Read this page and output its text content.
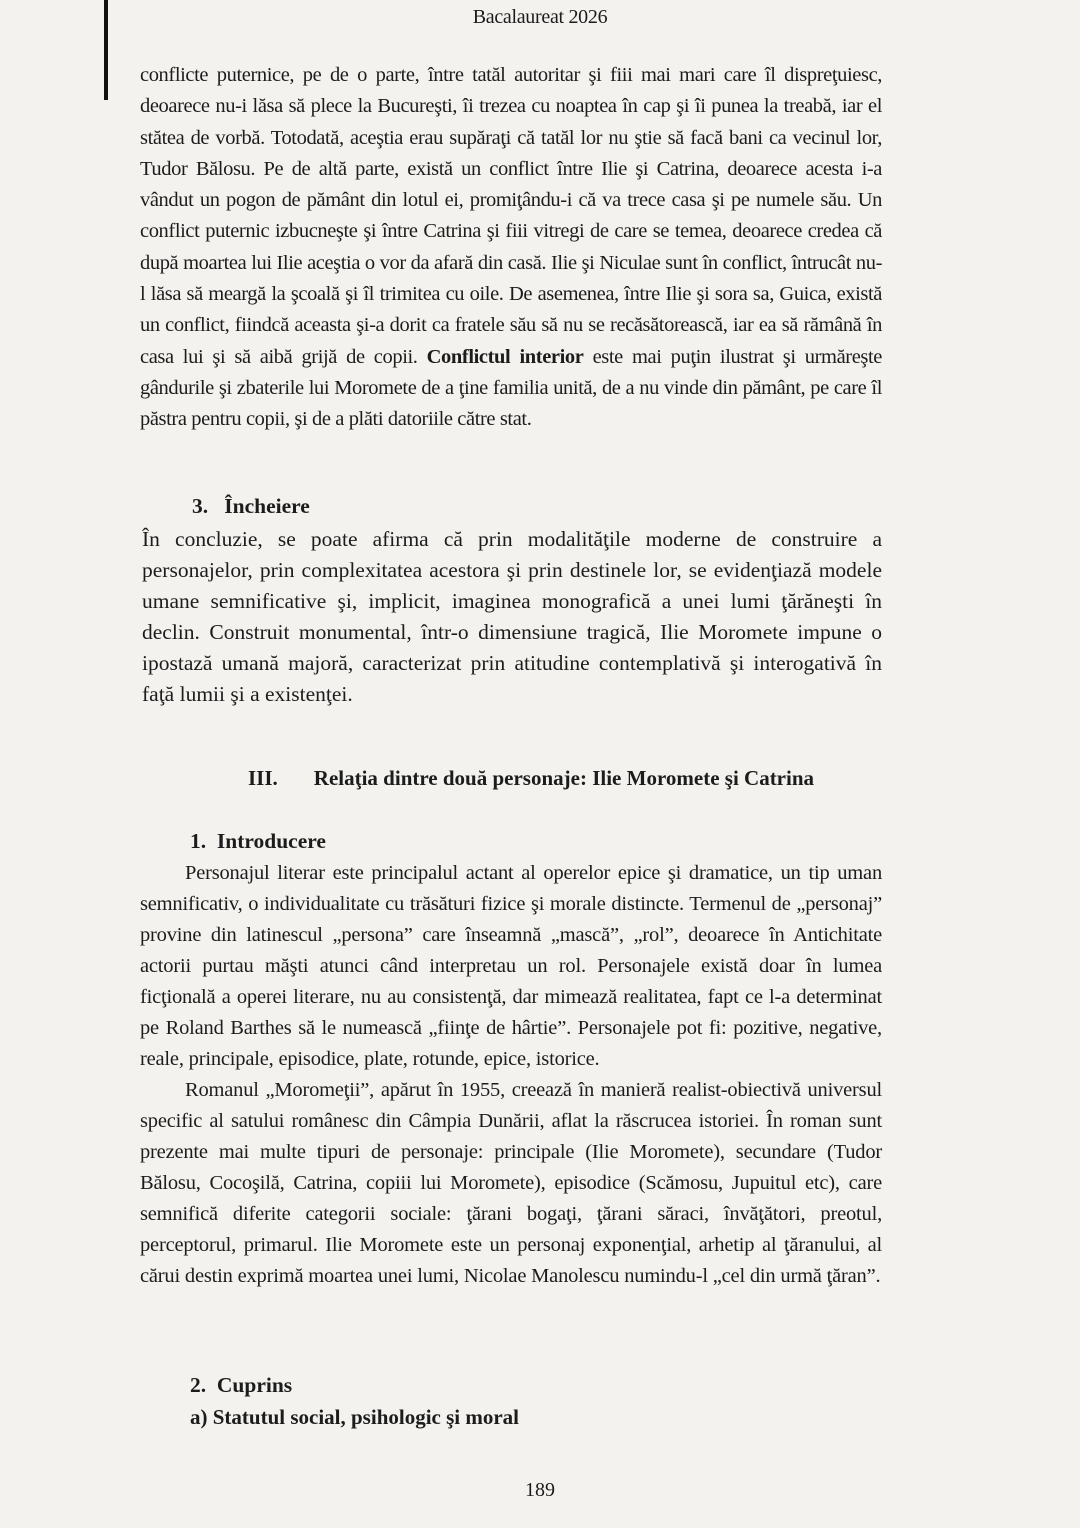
Bacalaureat 2026
conflicte puternice, pe de o parte, între tatăl autoritar şi fiii mai mari care îl dispreţuiesc, deoarece nu-i lăsa să plece la Bucureşti, îi trezea cu noaptea în cap şi îi punea la treabă, iar el stătea de vorbă. Totodată, aceştia erau supăraţi că tatăl lor nu ştie să facă bani ca vecinul lor, Tudor Bălosu. Pe de altă parte, există un conflict între Ilie şi Catrina, deoarece acesta i-a vândut un pogon de pământ din lotul ei, promiţându-i că va trece casa şi pe numele său. Un conflict puternic izbucneşte şi între Catrina şi fiii vitregi de care se temea, deoarece credea că după moartea lui Ilie aceştia o vor da afară din casă. Ilie şi Niculae sunt în conflict, întrucât nu-l lăsa să meargă la şcoală şi îl trimitea cu oile. De asemenea, între Ilie şi sora sa, Guica, există un conflict, fiindcă aceasta şi-a dorit ca fratele său să nu se recăsătorească, iar ea să rămână în casa lui şi să aibă grijă de copii. Conflictul interior este mai puţin ilustrat şi urmăreşte gândurile şi zbaterile lui Moromete de a ţine familia unită, de a nu vinde din pământ, pe care îl păstra pentru copii, şi de a plăti datoriile către stat.
3. Încheiere
În concluzie, se poate afirma că prin modalităţile moderne de construire a personajelor, prin complexitatea acestora şi prin destinele lor, se evidenţiază modele umane semnificative şi, implicit, imaginea monografică a unei lumi ţărăneşti în declin. Construit monumental, într-o dimensiune tragică, Ilie Moromete impune o ipostază umană majoră, caracterizat prin atitudine contemplativă şi interogativă în faţă lumii şi a existenţei.
III. Relaţia dintre două personaje: Ilie Moromete şi Catrina
1. Introducere

Personajul literar este principalul actant al operelor epice şi dramatice, un tip uman semnificativ, o individualitate cu trăsături fizice şi morale distincte. Termenul de „personaj” provine din latinescul „persona” care înseamnă „mască”, „rol”, deoarece în Antichitate actorii purtau măşti atunci când interpretau un rol. Personajele există doar în lumea ficţională a operei literare, nu au consistenţă, dar mimează realitatea, fapt ce l-a determinat pe Roland Barthes să le numească „fiinţe de hârtie”. Personajele pot fi: pozitive, negative, reale, principale, episodice, plate, rotunde, epice, istorice.

Romanul „Moromeţii”, apărut în 1955, creează în manieră realist-obiectivă universul specific al satului românesc din Câmpia Dunării, aflat la răscrucea istoriei. În roman sunt prezente mai multe tipuri de personaje: principale (Ilie Moromete), secundare (Tudor Bălosu, Cocoşilă, Catrina, copiii lui Moromete), episodice (Scămosu, Jupuitul etc), care semnifică diferite categorii sociale: ţărani bogaţi, ţărani săraci, învăţători, preotul, perceptorul, primarul. Ilie Moromete este un personaj exponenţial, arhetip al ţăranului, al cărui destin exprimă moartea unei lumi, Nicolae Manolescu numindu-l „cel din urmă ţăran”.

2. Cuprins
a) Statutul social, psihologic şi moral
189
